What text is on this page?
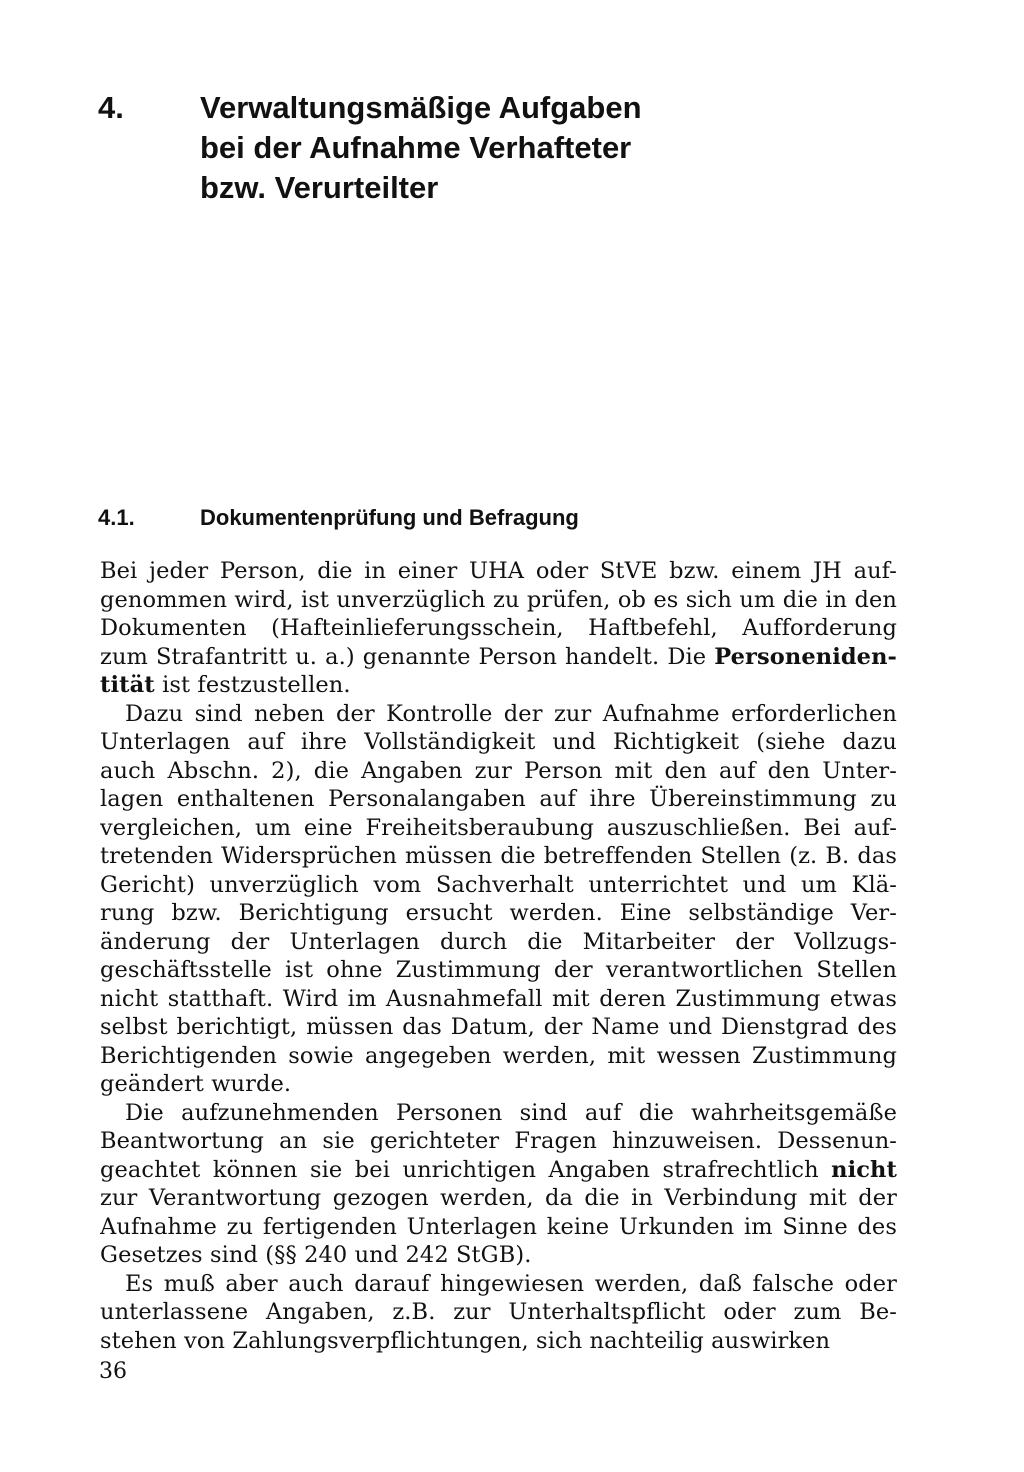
4. Verwaltungsmäßige Aufgaben
bei der Aufnahme Verhafteter
bzw. Verurteilter
4.1.	Dokumentenprüfung und Befragung
Bei jeder Person, die in einer UHA oder StVE bzw. einem JH auf-
genommen wird, ist unverzüglich zu prüfen, ob es sich um die in den
Dokumenten (Hafteinlieferungsschein, Haftbefehl, Aufforderung
zum Strafantritt u. a.) genannte Person handelt. Die Personeniden-
tität ist festzustellen.
Dazu sind neben der Kontrolle der zur Aufnahme erforderlichen
Unterlagen auf ihre Vollständigkeit und Richtigkeit (siehe dazu
auch Abschn. 2), die Angaben zur Person mit den auf den Unter-
lagen enthaltenen Personalangaben auf ihre Übereinstimmung zu
vergleichen, um eine Freiheitsberaubung auszuschließen. Bei auf-
tretenden Widersprüchen müssen die betreffenden Stellen (z. B. das
Gericht) unverzüglich vom Sachverhalt unterrichtet und um Klä-
rung bzw. Berichtigung ersucht werden. Eine selbständige Ver-
änderung der Unterlagen durch die Mitarbeiter der Vollzugs-
geschäftsstelle ist ohne Zustimmung der verantwortlichen Stellen
nicht statthaft. Wird im Ausnahmefall mit deren Zustimmung etwas
selbst berichtigt, müssen das Datum, der Name und Dienstgrad des
Berichtigenden sowie angegeben werden, mit wessen Zustimmung
geändert wurde.
Die aufzunehmenden Personen sind auf die wahrheitsgemäße
Beantwortung an sie gerichteter Fragen hinzuweisen. Dessenun-
geachtet können sie bei unrichtigen Angaben strafrechtlich nicht
zur Verantwortung gezogen werden, da die in Verbindung mit der
Aufnahme zu fertigenden Unterlagen keine Urkunden im Sinne des
Gesetzes sind (§§ 240 und 242 StGB).
Es muß aber auch darauf hingewiesen werden, daß falsche oder
unterlassene Angaben, z.B. zur Unterhaltspflicht oder zum Be-
stehen von Zahlungsverpflichtungen, sich nachteilig auswirken
36
